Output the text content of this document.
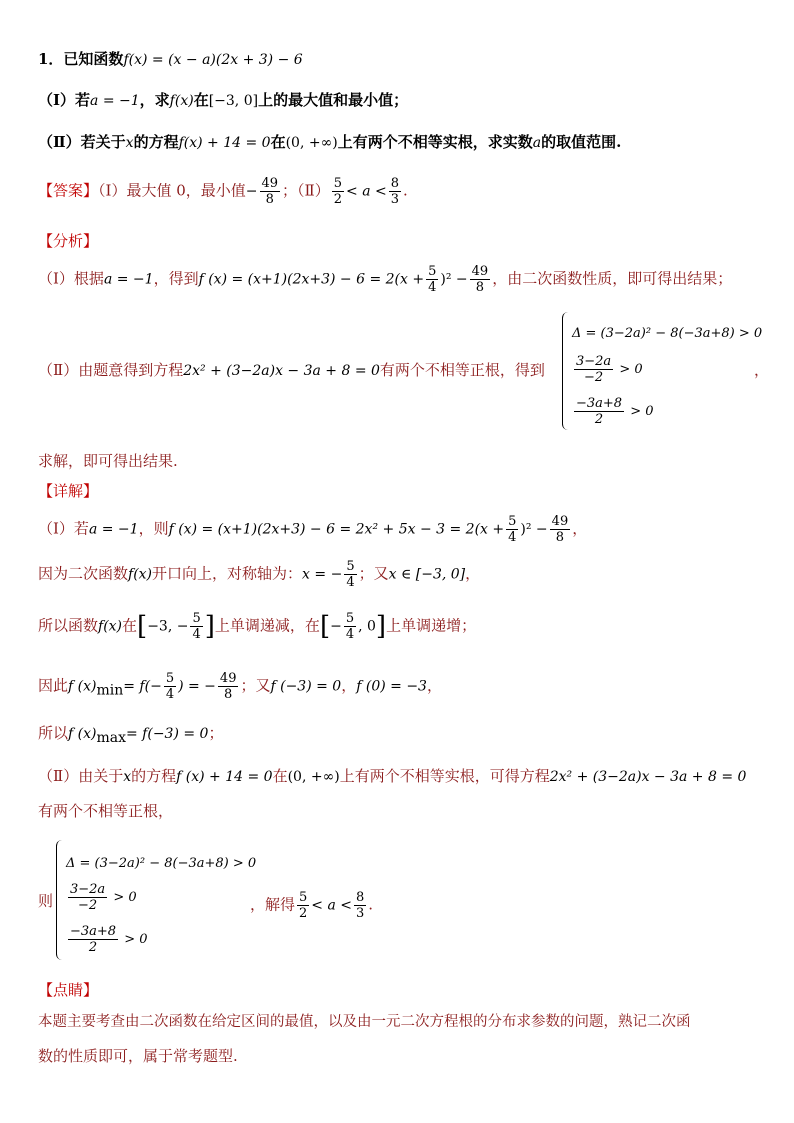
1．已知函数f(x) = (x − a)(2x + 3) − 6
（Ⅰ）若a = −1，求f(x)在[−3, 0]上的最大值和最小值；
（Ⅱ）若关于x的方程f(x) + 14 = 0在(0, +∞)上有两个不相等实根，求实数a的取值范围.
【答案】（Ⅰ）最大值 0，最小值− $\frac{49}{8}$ ；（Ⅱ） $\frac{5}{2} < a < \frac{8}{3}$ .
【分析】
（Ⅰ）根据a = −1，得到f $(x) = (x+1)(2x+3) - 6 = 2(x + \frac{5}{4} )^2 - \frac{49}{8}$ ，由二次函数性质，即可得出结果；
（Ⅱ）由题意得到方程2x² + (3−2a)x − 3a + 8 = 0有两个不相等正根，得到
Δ = (3−2a)² − 8(−3a+8) > 0
$\frac{3-2a}{-2} > 0$
$\frac{-3a+8}{2} > 0$
，
求解，即可得出结果.
【详解】
（Ⅰ）若a = −1，则f $(x) = (x+1)(2x+3) - 6 = 2x^2 + 5x - 3 = 2(x + \frac{5}{4} )^2 - \frac{49}{8}$ ，
因为二次函数f(x)开口向上，对称轴为：x = − $\frac{5}{4}$ ；又x ∈ [−3, 0]，
所以函数f(x)在[−3, − $\frac{5}{4}$ ]上单调递减，在[− $\frac{5}{4}$ , 0]上单调递增；
因此f $(x)_{min}= f(- \frac{5}{4}$ ) = − $\frac{49}{8}$ ；又f (−3) = 0，f (0) = −3，
所以f $(x)_{max}= f(-3) = 0$；
（Ⅱ）由关于x的方程f (x) + 14 = 0在(0, +∞)上有两个不相等实根，可得方程2x² + (3−2a)x − 3a + 8 = 0
有两个不相等正根，
则
Δ = (3−2a)² − 8(−3a+8) > 0
$\frac{3-2a}{-2} > 0$
$\frac{-3a+8}{2} > 0$
，解得 $\frac{5}{2} < a < \frac{8}{3}$ .
【点睛】
本题主要考查由二次函数在给定区间的最值，以及由一元二次方程根的分布求参数的问题，熟记二次函
数的性质即可，属于常考题型.
